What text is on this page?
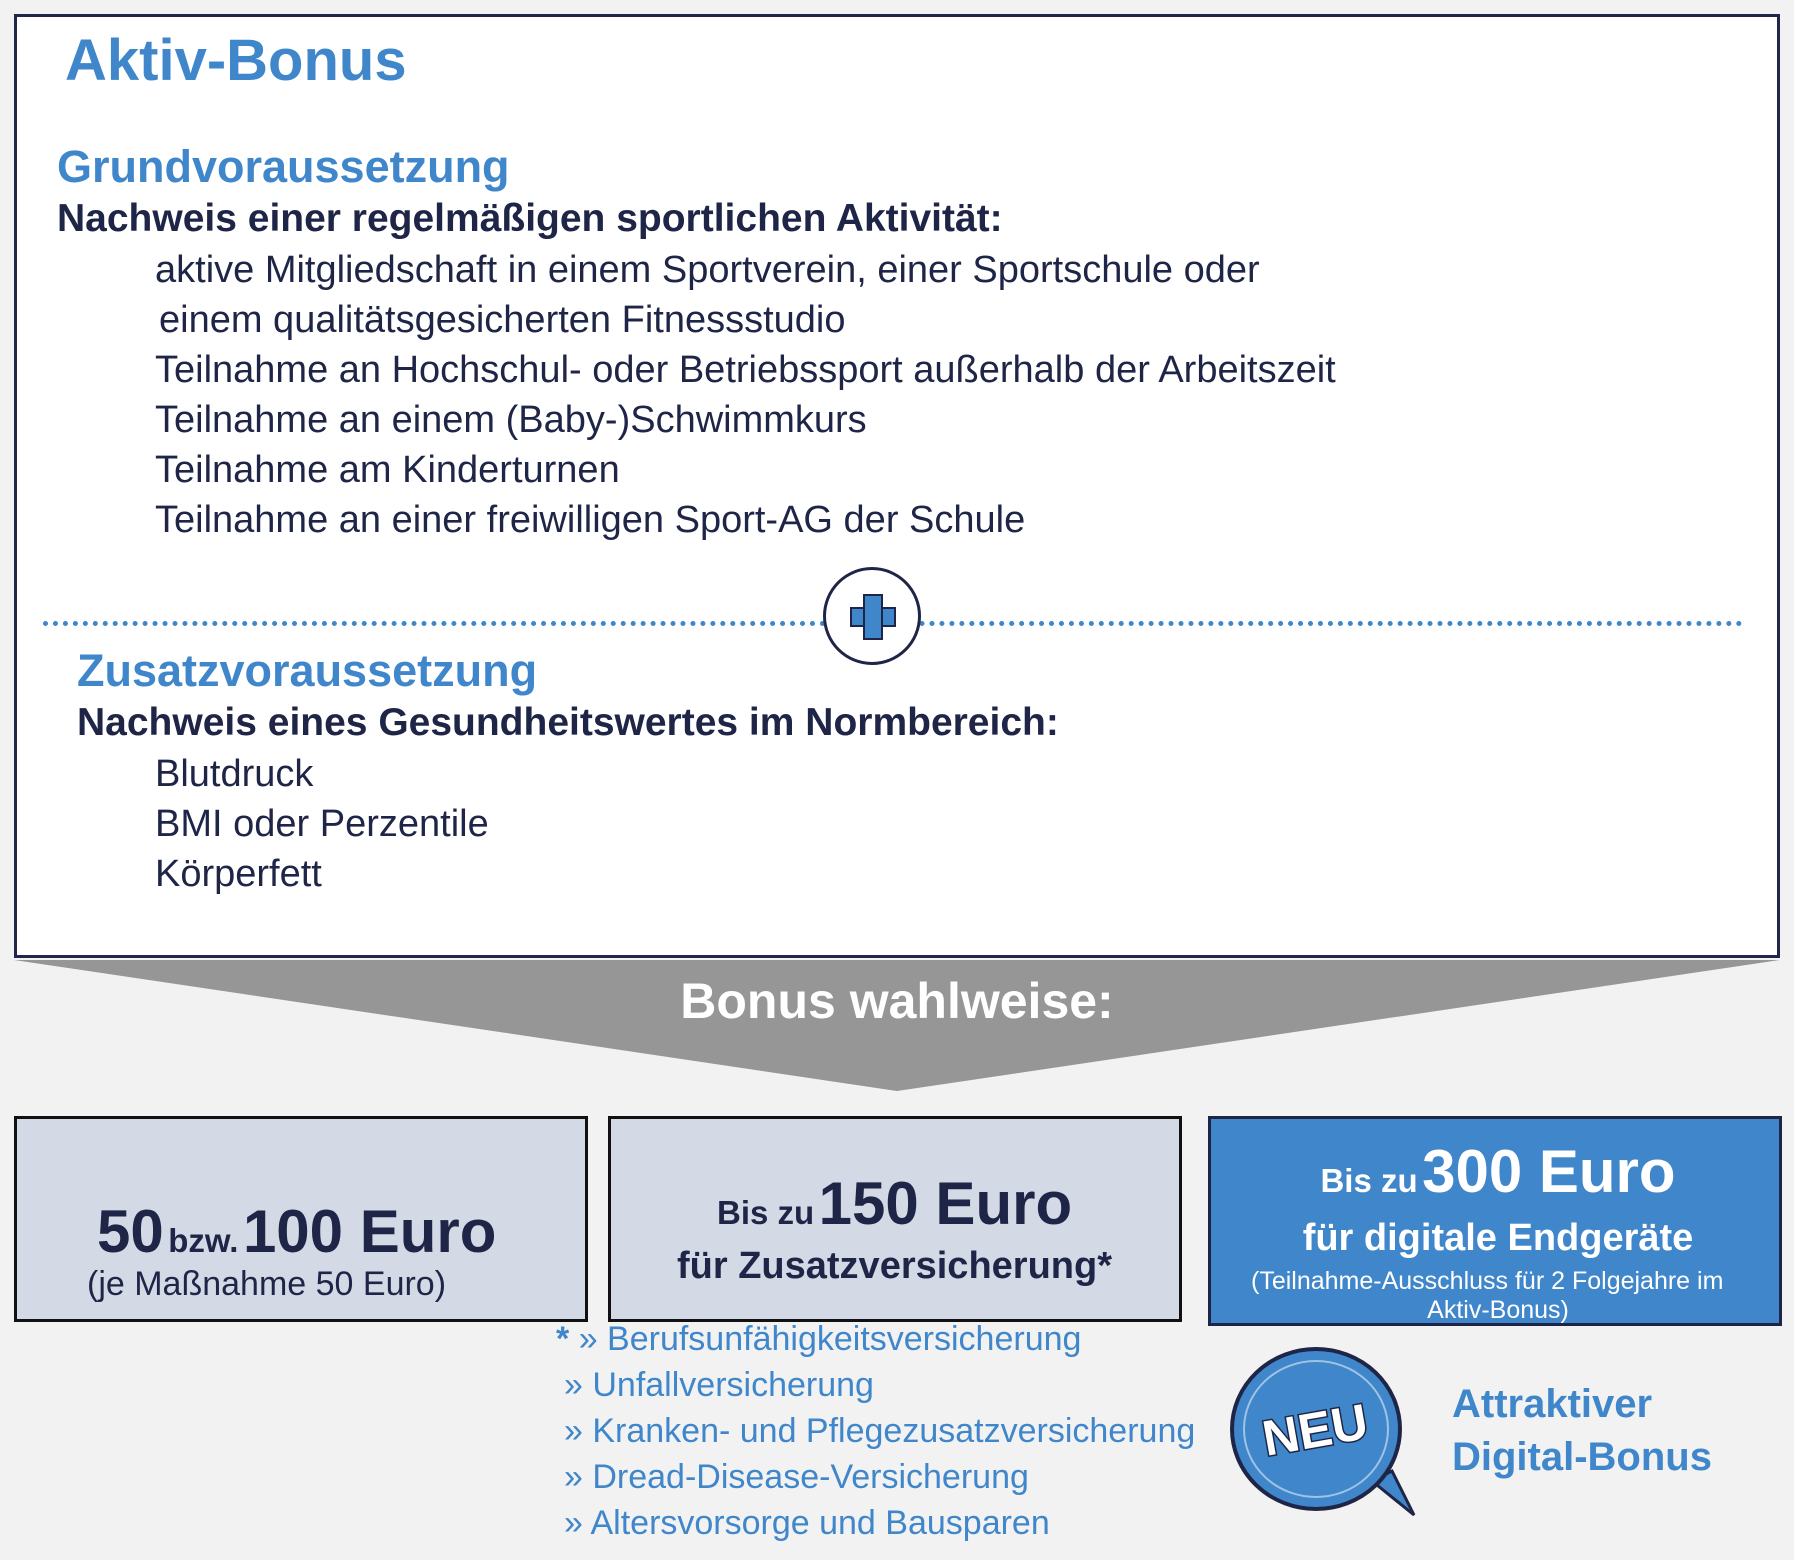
Aktiv-Bonus
Grundvoraussetzung
Nachweis einer regelmäßigen sportlichen Aktivität:
aktive Mitgliedschaft in einem Sportverein, einer Sportschule oder
einem qualitätsgesicherten Fitnessstudio
Teilnahme an Hochschul- oder Betriebssport außerhalb der Arbeitszeit
Teilnahme an einem (Baby-)Schwimmkurs
Teilnahme am Kinderturnen
Teilnahme an einer freiwilligen Sport-AG der Schule
Zusatzvoraussetzung
Nachweis eines Gesundheitswertes im Normbereich:
Blutdruck
BMI oder Perzentile
Körperfett
Bonus wahlweise:
50 bzw. 100 Euro
(je Maßnahme 50 Euro)
Bis zu 150 Euro
für Zusatzversicherung*
Bis zu 300 Euro
für digitale Endgeräte
(Teilnahme-Ausschluss für 2 Folgejahre im
Aktiv-Bonus)
* » Berufsunfähigkeitsversicherung
» Unfallversicherung
» Kranken- und Pflegezusatzversicherung
» Dread-Disease-Versicherung
» Altersvorsorge und Bausparen
NEU Attraktiver
Digital-Bonus
